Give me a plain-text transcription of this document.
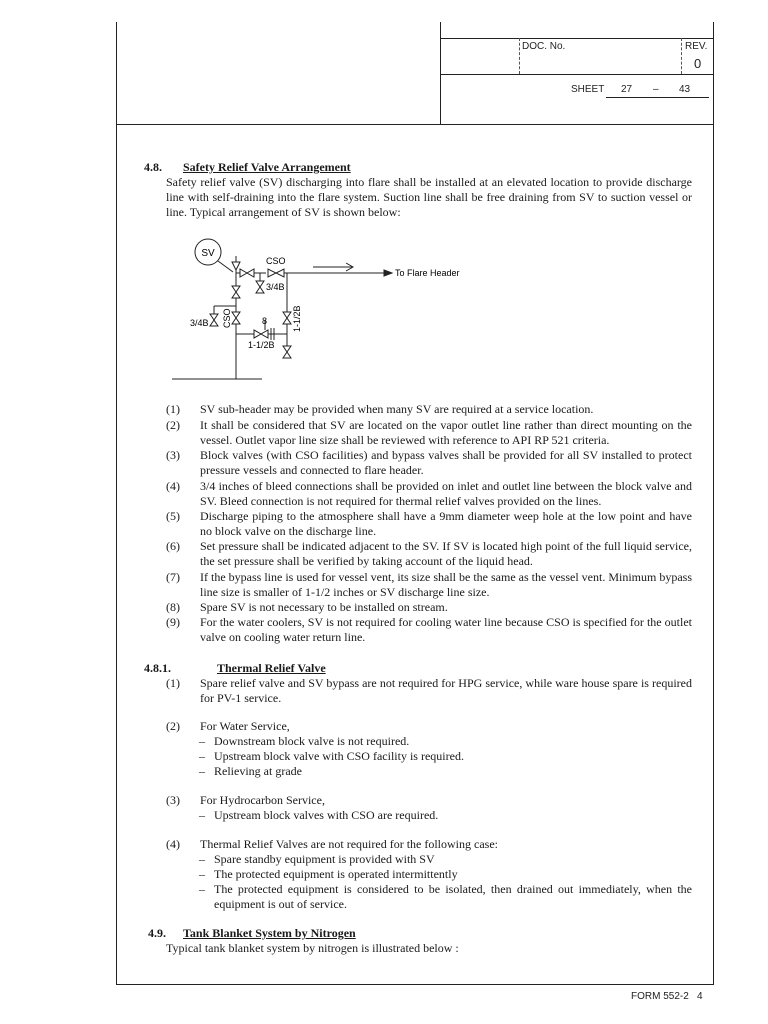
DOC. No.	REV.
0
SHEET 27 – 43
4.8. Safety Relief Valve Arrangement
Safety relief valve (SV) discharging into flare shall be installed at an elevated location to provide discharge line with self-draining into the flare system. Suction line shall be free draining from SV to suction vessel or line. Typical arrangement of SV is shown below:
SV
CSO
3/4B
To Flare Header
3/4B CSO	1-1/2B
1-1/2B
8
(1)	SV sub-header may be provided when many SV are required at a service location.
(2)	It shall be considered that SV are located on the vapor outlet line rather than direct mounting on the vessel. Outlet vapor line size shall be reviewed with reference to API RP 521 criteria.
(3)	Block valves (with CSO facilities) and bypass valves shall be provided for all SV installed to protect pressure vessels and connected to flare header.
(4)	3/4 inches of bleed connections shall be provided on inlet and outlet line between the block valve and SV. Bleed connection is not required for thermal relief valves provided on the lines.
(5)	Discharge piping to the atmosphere shall have a 9mm diameter weep hole at the low point and have no block valve on the discharge line.
(6)	Set pressure shall be indicated adjacent to the SV. If SV is located high point of the full liquid service, the set pressure shall be verified by taking account of the liquid head.
(7)	If the bypass line is used for vessel vent, its size shall be the same as the vessel vent. Minimum bypass line size is smaller of 1-1/2 inches or SV discharge line size.
(8)	Spare SV is not necessary to be installed on stream.
(9)	For the water coolers, SV is not required for cooling water line because CSO is specified for the outlet valve on cooling water return line.
4.8.1.	Thermal Relief Valve
(1)	Spare relief valve and SV bypass are not required for HPG service, while ware house spare is required for PV-1 service.
(2)	For Water Service,
– Downstream block valve is not required.
– Upstream block valve with CSO facility is required.
– Relieving at grade
(3)	For Hydrocarbon Service,
– Upstream block valves with CSO are required.
(4)	Thermal Relief Valves are not required for the following case:
– Spare standby equipment is provided with SV
– The protected equipment is operated intermittently
– The protected equipment is considered to be isolated, then drained out immediately, when the equipment is out of service.
4.9. Tank Blanket System by Nitrogen
Typical tank blanket system by nitrogen is illustrated below :
FORM 552-2 4
